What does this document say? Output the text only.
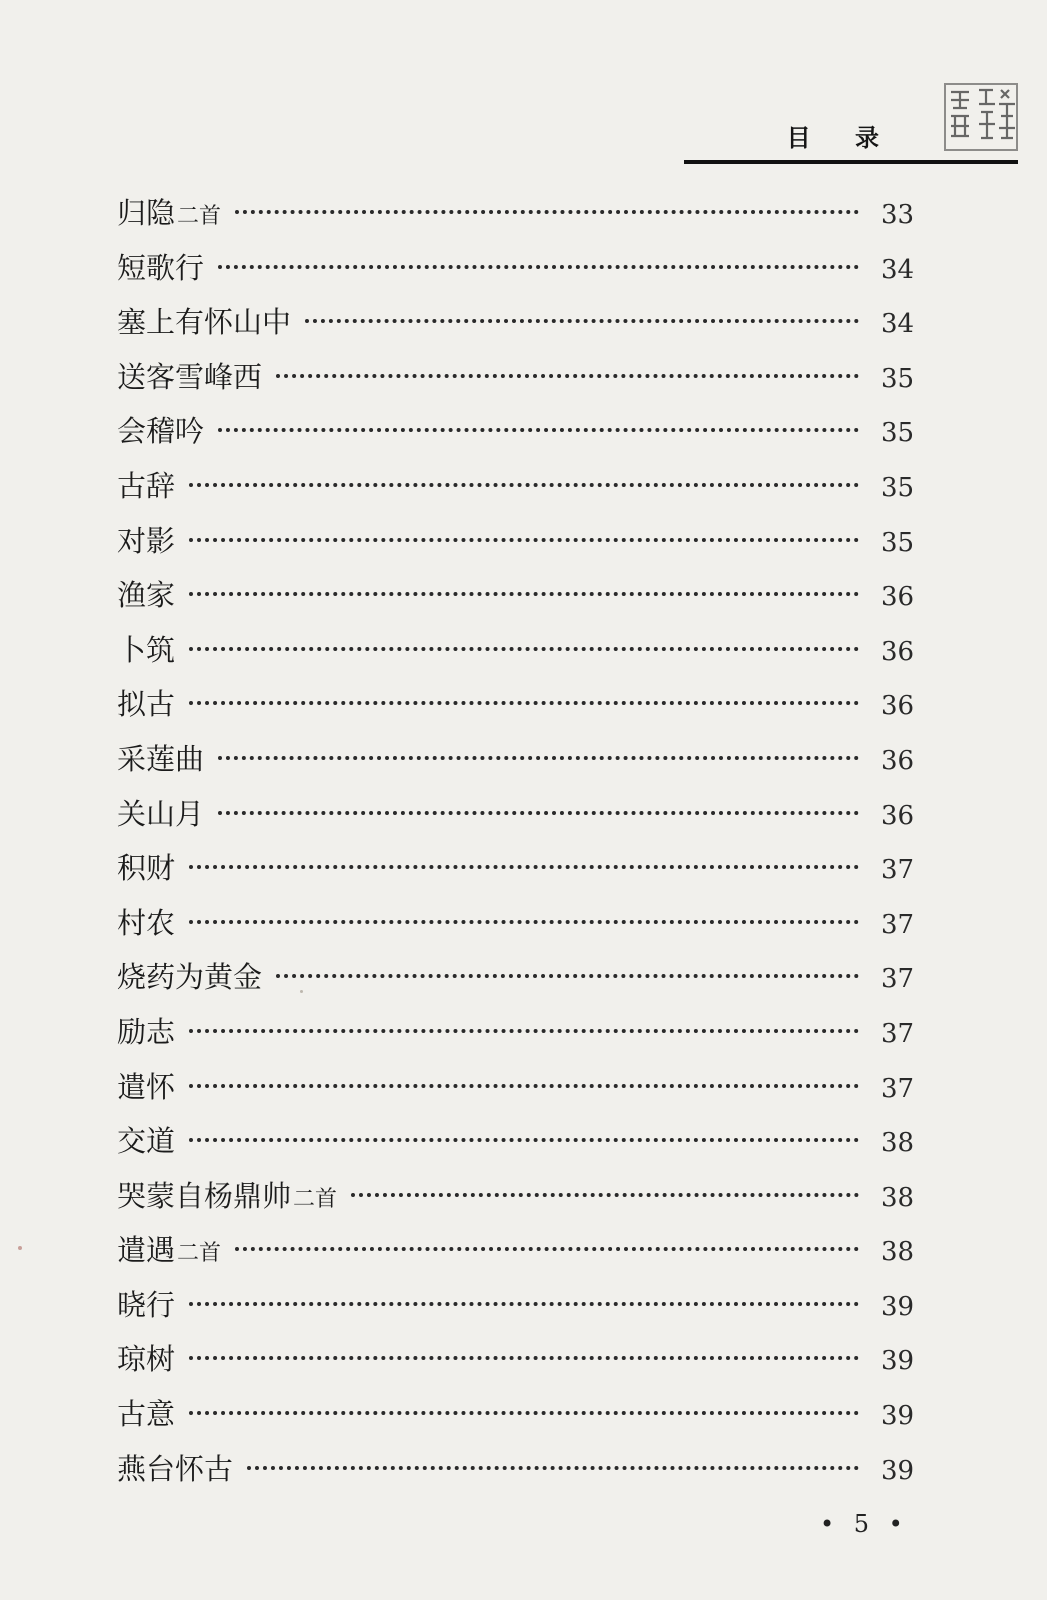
目 录
归隐 二首	33
短歌行	34
塞上有怀山中	34
送客雪峰西	35
会稽吟	35
古辞	35
对影	35
渔家	36
卜筑	36
拟古	36
采莲曲	36
关山月	36
积财	37
村农	37
烧药为黄金	37
励志	37
遣怀	37
交道	38
哭蒙自杨鼎帅 二首	38
遣遇 二首	38
晓行	39
琼树	39
古意	39
燕台怀古	39
• 5 •
